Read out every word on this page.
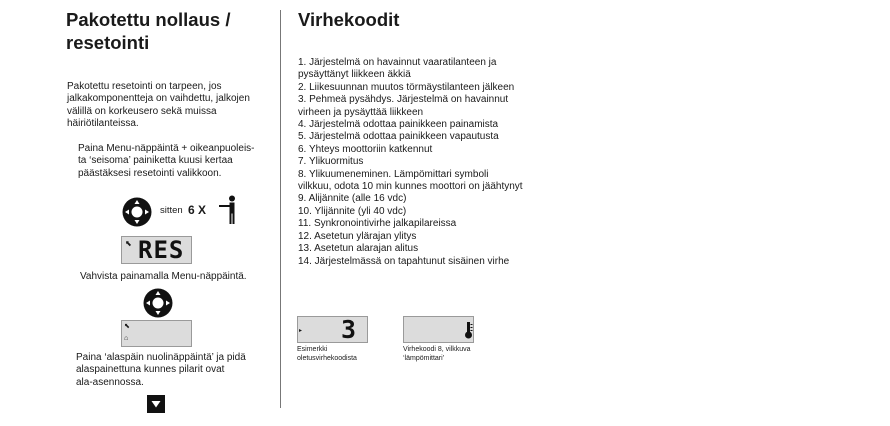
Pakotettu nollaus /
resetointi
Pakotettu resetointi on tarpeen, jos
jalkakomponentteja on vaihdettu, jalkojen
välillä on korkeusero sekä muissa
häiriötilanteissa.
Paina Menu-näppäintä + oikeanpuoleis-
ta ‘seisoma’ painiketta kuusi kertaa
päästäksesi resetointi valikkoon.
sitten 6 X
⬉ RES
Vahvista painamalla Menu-näppäintä.
⬉
⌂
Paina ‘alaspäin nuolinäppäintä’ ja pidä
alaspainettuna kunnes pilarit ovat
ala-asennossa.
Virhekoodit
1. Järjestelmä on havainnut vaaratilanteen ja
pysäyttänyt liikkeen äkkiä
2. Liikesuunnan muutos törmäystilanteen jälkeen
3. Pehmeä pysähdys. Järjestelmä on havainnut
virheen ja pysäyttää liikkeen
4. Järjestelmä odottaa painikkeen painamista
5. Järjestelmä odottaa painikkeen vapautusta
6. Yhteys moottoriin katkennut
7. Ylikuormitus
8. Ylikuumeneminen. Lämpömittari symboli
vilkkuu, odota 10 min kunnes moottori on jäähtynyt
9. Alijännite (alle 16 vdc)
10. Ylijännite (yli 40 vdc)
11. Synkronointivirhe jalkapilareissa
12. Asetetun ylärajan ylitys
13. Asetetun alarajan alitus
14. Järjestelmässä on tapahtunut sisäinen virhe
▸ 3
Esimerkki
oletusvirhekoodista
Virhekoodi 8, vilkkuva
‘lämpömittari’
